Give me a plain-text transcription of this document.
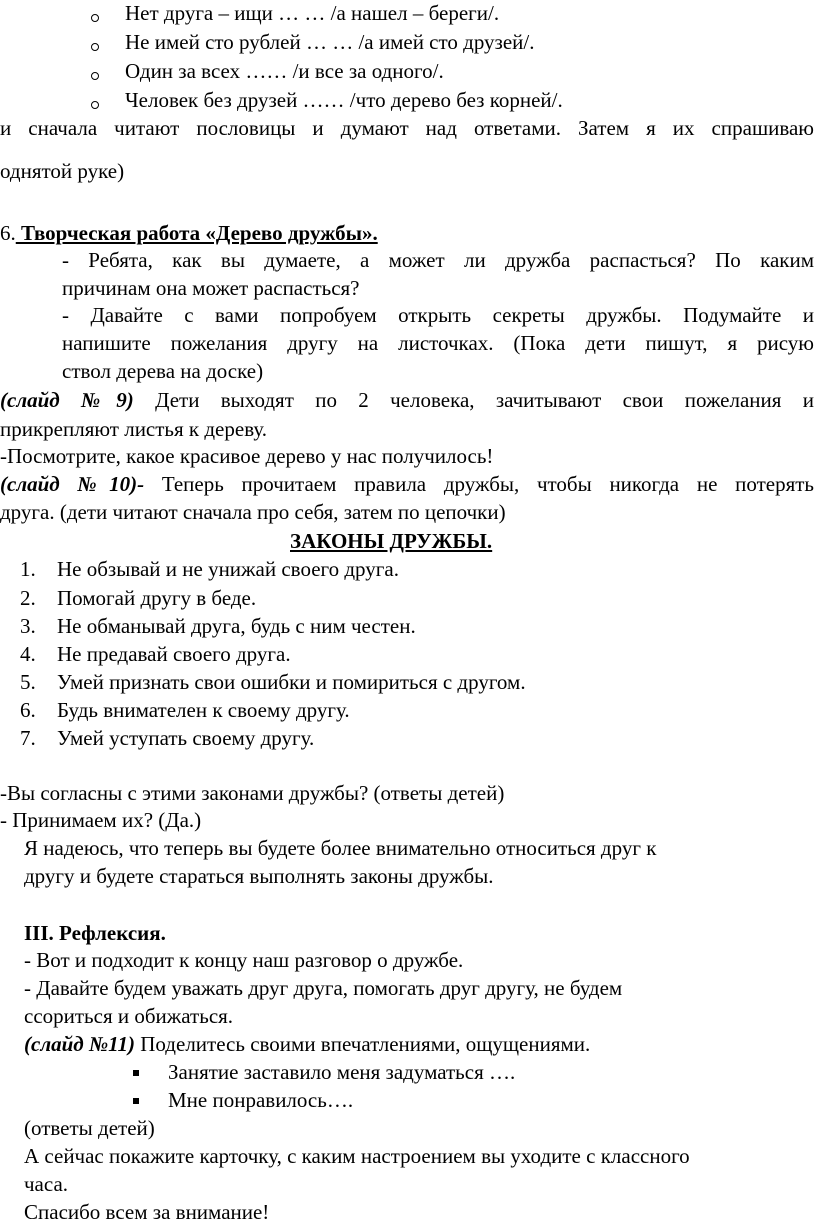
Нет друга – ищи … … /а нашел – береги/.
Не имей сто рублей … … /а имей сто друзей/.
Один за всех …… /и все за одного/.
Человек без друзей …… /что дерево без корней/.
и сначала читают пословицы и думают над ответами. Затем я их спрашиваю
однятой руке)
6. Творческая работа «Дерево дружбы».
- Ребята, как вы думаете, а может ли дружба распасться? По каким
причинам она может распасться?
- Давайте с вами попробуем открыть секреты дружбы. Подумайте и
напишите пожелания другу на листочках. (Пока дети пишут, я рисую
ствол дерева на доске)
(слайд №9) Дети выходят по 2 человека, зачитывают свои пожелания и
прикрепляют листья к дереву.
-Посмотрите, какое красивое дерево у нас получилось!
(слайд №10)- Теперь прочитаем правила дружбы, чтобы никогда не потерять
друга. (дети читают сначала про себя, затем по цепочки)
ЗАКОНЫ ДРУЖБЫ.
1. Не обзывай и не унижай своего друга.
2. Помогай другу в беде.
3. Не обманывай друга, будь с ним честен.
4. Не предавай своего друга.
5. Умей признать свои ошибки и помириться с другом.
6. Будь внимателен к своему другу.
7. Умей уступать своему другу.
-Вы согласны с этими законами дружбы? (ответы детей)
- Принимаем их? (Да.)
Я надеюсь, что теперь вы будете более внимательно относиться друг к
другу и будете стараться выполнять законы дружбы.
III. Рефлексия.
- Вот и подходит к концу наш разговор о дружбе.
- Давайте будем уважать друг друга, помогать друг другу, не будем
ссориться и обижаться.
(слайд №11) Поделитесь своими впечатлениями, ощущениями.
Занятие заставило меня задуматься ….
Мне понравилось….
(ответы детей)
А сейчас покажите карточку, с каким настроением вы уходите с классного
часа.
Спасибо всем за внимание!
